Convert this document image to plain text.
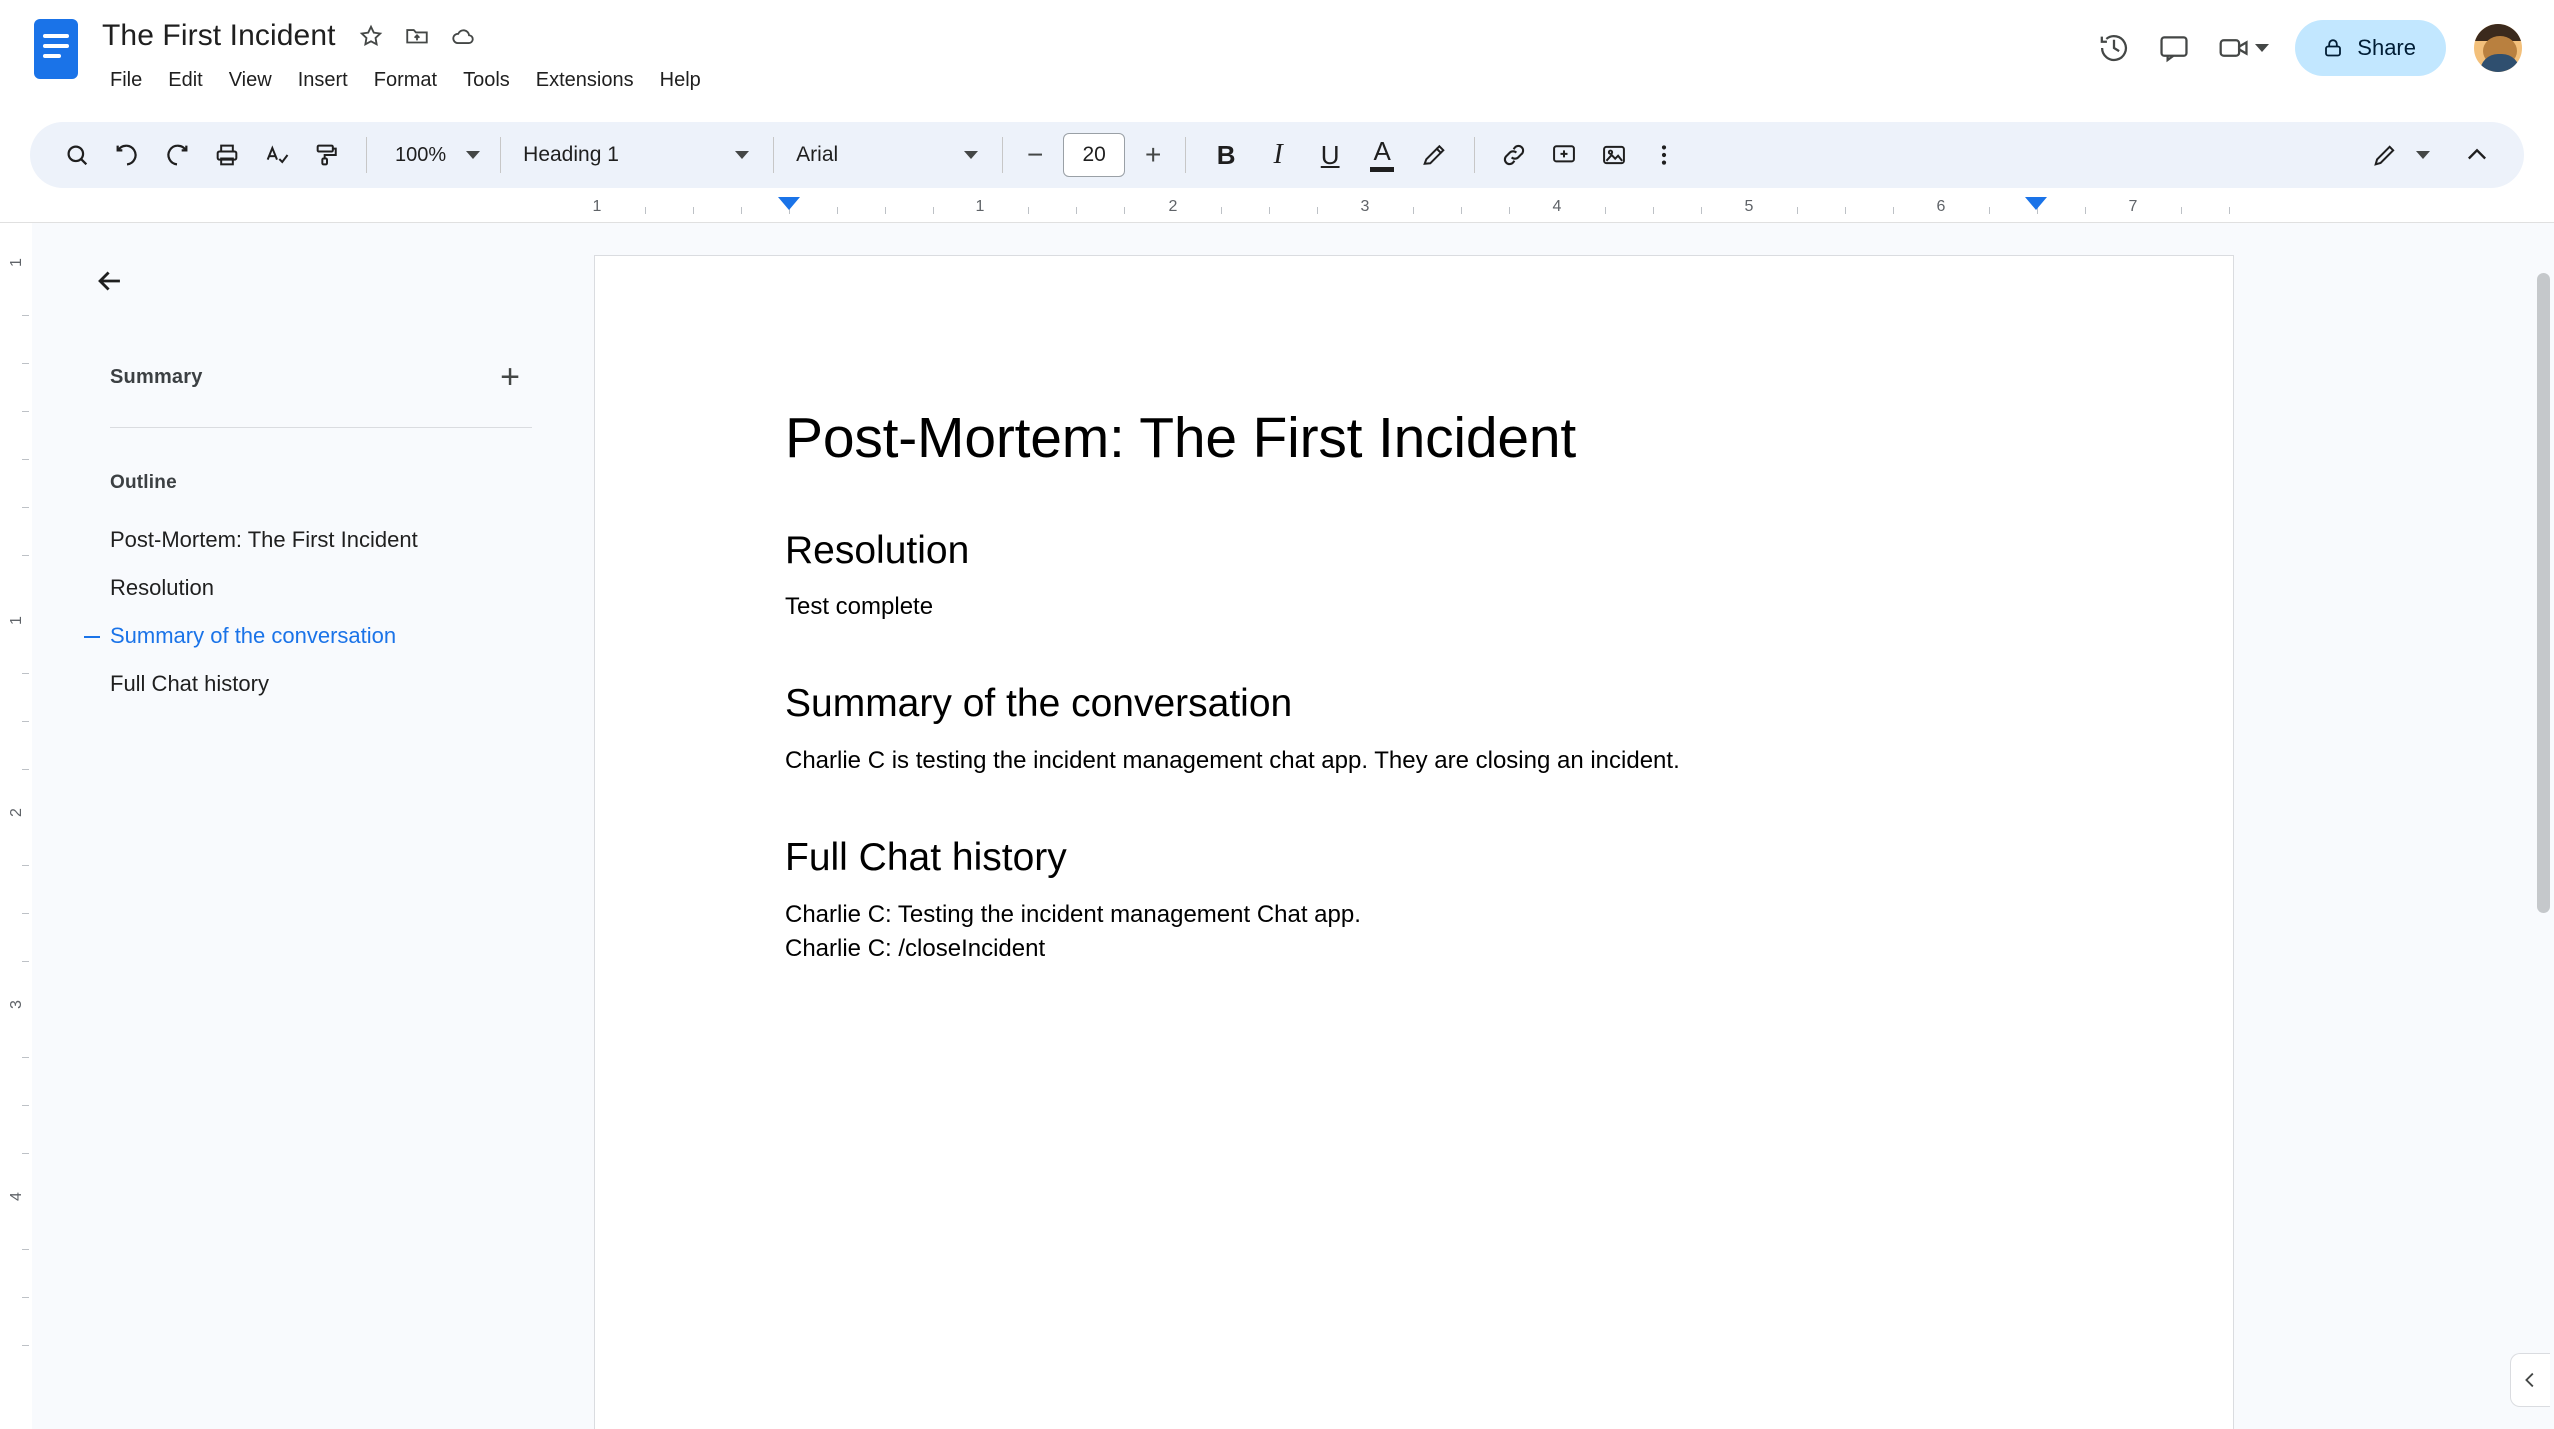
The First Incident
File	Edit	View	Insert	Format	Tools	Extensions	Help
Share
100%	Heading 1	Arial	−
20	+	B I U A
1	1	2	3	4	5	6	7
1
1
2
3
4
Summary	+
Outline
Post-Mortem: The First Incident
Resolution
Summary of the conversation
Full Chat history
Post-Mortem: The First Incident
Resolution
Test complete
Summary of the conversation
Charlie C is testing the incident management chat app. They are closing an incident.
Full Chat history
Charlie C: Testing the incident management Chat app.
Charlie C: /closeIncident
